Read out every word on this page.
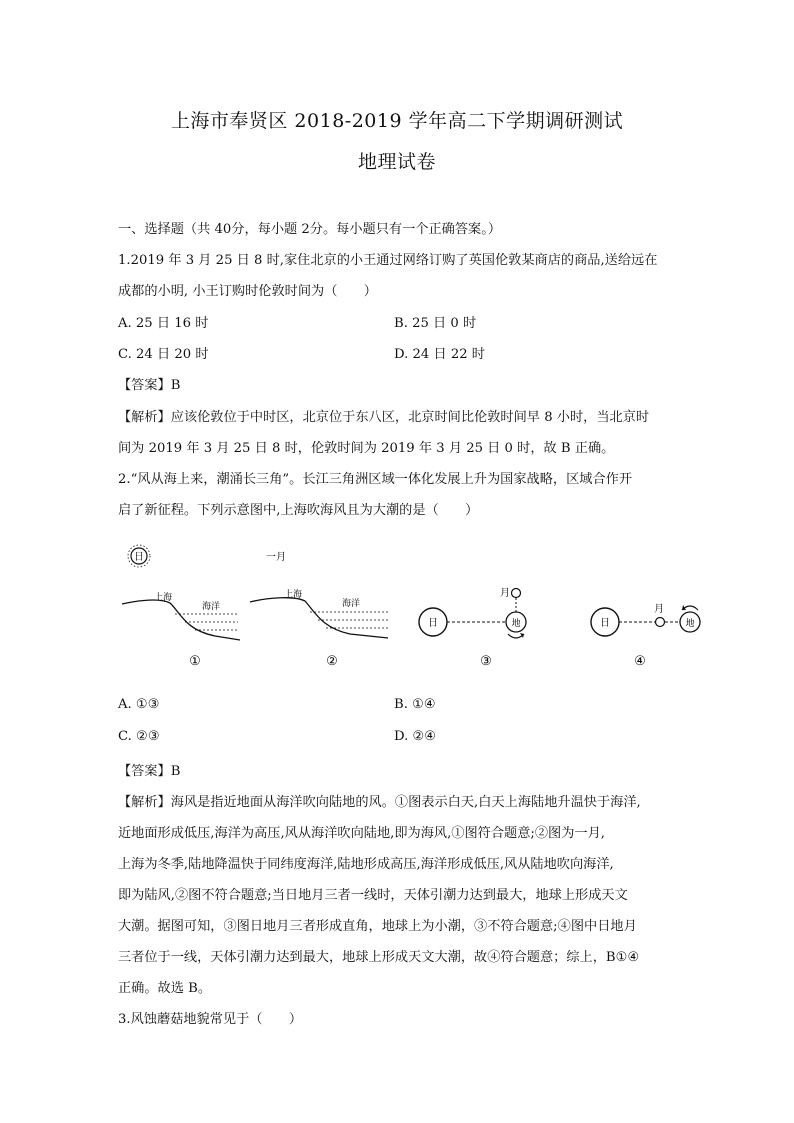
上海市奉贤区 2018-2019 学年高二下学期调研测试
地理试卷
一、选择题（共 40分，每小题 2分。每小题只有一个正确答案。）
1.2019 年 3 月 25 日 8 时,家住北京的小王通过网络订购了英国伦敦某商店的商品,送给远在
成都的小明, 小王订购时伦敦时间为（　　）
A. 25 日 16 时	B. 25 日 0 时
C. 24 日 20 时	D. 24 日 22 时
【答案】B
【解析】应该伦敦位于中时区，北京位于东八区，北京时间比伦敦时间早 8 小时，当北京时
间为 2019 年 3 月 25 日 8 时，伦敦时间为 2019 年 3 月 25 日 0 时，故 B 正确。
2.“风从海上来，潮涌长三角”。长江三角洲区域一体化发展上升为国家战略，区域合作开
启了新征程。下列示意图中,上海吹海风且为大潮的是（　　）
日
上海
海洋
①
一月
上海
海洋
②
日	地
月
③
日
月
地
④
A. ①③	B. ①④
C. ②③	D. ②④
【答案】B
【解析】海风是指近地面从海洋吹向陆地的风。①图表示白天,白天上海陆地升温快于海洋,
近地面形成低压,海洋为高压,风从海洋吹向陆地,即为海风,①图符合题意;②图为一月,
上海为冬季,陆地降温快于同纬度海洋,陆地形成高压,海洋形成低压,风从陆地吹向海洋,
即为陆风,②图不符合题意;当日地月三者一线时，天体引潮力达到最大，地球上形成天文
大潮。据图可知，③图日地月三者形成直角，地球上为小潮，③不符合题意;④图中日地月
三者位于一线，天体引潮力达到最大，地球上形成天文大潮，故④符合题意；综上，B①④
正确。故选 B。
3.风蚀蘑菇地貌常见于（　　）
